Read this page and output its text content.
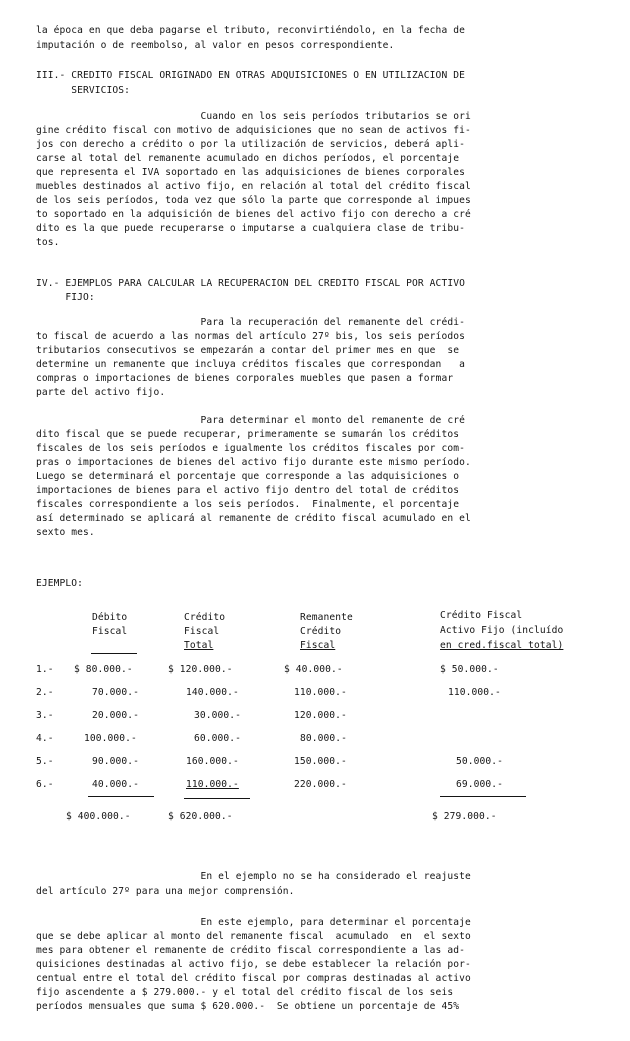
la época en que deba pagarse el tributo, reconvirtiéndolo, en la fecha de
imputación o de reembolso, al valor en pesos correspondiente.
III.- CREDITO FISCAL ORIGINADO EN OTRAS ADQUISICIONES O EN UTILIZACION DE
SERVICIOS:
Cuando en los seis períodos tributarios se ori
gine crédito fiscal con motivo de adquisiciones que no sean de activos fi-
jos con derecho a crédito o por la utilización de servicios, deberá apli-
carse al total del remanente acumulado en dichos períodos, el porcentaje
que representa el IVA soportado en las adquisiciones de bienes corporales
muebles destinados al activo fijo, en relación al total del crédito fiscal
de los seis períodos, toda vez que sólo la parte que corresponde al impues
to soportado en la adquisición de bienes del activo fijo con derecho a cré
dito es la que puede recuperarse o imputarse a cualquiera clase de tribu-
tos.
IV.- EJEMPLOS PARA CALCULAR LA RECUPERACION DEL CREDITO FISCAL POR ACTIVO
FIJO:
Para la recuperación del remanente del crédi-
to fiscal de acuerdo a las normas del artículo 27º bis, los seis períodos
tributarios consecutivos se empezarán a contar del primer mes en que  se
determine un remanente que incluya créditos fiscales que correspondan   a
compras o importaciones de bienes corporales muebles que pasen a formar
parte del activo fijo.
Para determinar el monto del remanente de cré
dito fiscal que se puede recuperar, primeramente se sumarán los créditos
fiscales de los seis períodos e igualmente los créditos fiscales por com-
pras o importaciones de bienes del activo fijo durante este mismo período.
Luego se determinará el porcentaje que corresponde a las adquisiciones o
importaciones de bienes para el activo fijo dentro del total de créditos
fiscales correspondiente a los seis períodos.  Finalmente, el porcentaje
así determinado se aplicará al remanente de crédito fiscal acumulado en el
sexto mes.
EJEMPLO:
Débito
Fiscal
Crédito
Fiscal
Total
Remanente
Crédito
Fiscal
Crédito Fiscal
Activo Fijo (incluído
en cred.fiscal total)
1.-
2.-
3.-
4.-
5.-
6.-
$ 80.000.-
70.000.-
20.000.-
100.000.-
90.000.-
40.000.-
$ 120.000.-
140.000.-
30.000.-
60.000.-
160.000.-
110.000.-
$ 40.000.-
110.000.-
120.000.-
80.000.-
150.000.-
220.000.-
$ 50.000.-
110.000.-
50.000.-
69.000.-
$ 400.000.-	$ 620.000.-	$ 279.000.-
En el ejemplo no se ha considerado el reajuste
del artículo 27º para una mejor comprensión.
En este ejemplo, para determinar el porcentaje
que se debe aplicar al monto del remanente fiscal  acumulado  en  el sexto
mes para obtener el remanente de crédito fiscal correspondiente a las ad-
quisiciones destinadas al activo fijo, se debe establecer la relación por-
centual entre el total del crédito fiscal por compras destinadas al activo
fijo ascendente a $ 279.000.- y el total del crédito fiscal de los seis
períodos mensuales que suma $ 620.000.-  Se obtiene un porcentaje de 45%
